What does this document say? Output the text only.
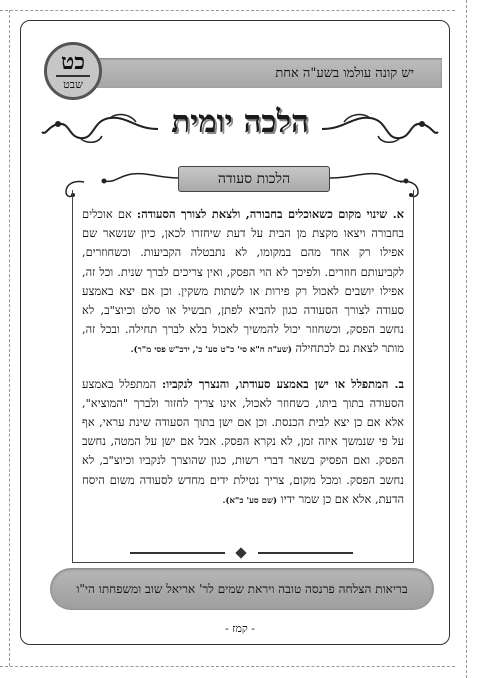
יש קונה עולמו בשע"ה אחת
כט
שבט
הלכה יומית
הלכות סעודה

א. שינוי מקום כשאוכלים בחבורה, ולצאת לצורך הסעודה: אם אוכלים בחבורה ויצאו מקצת מן הבית על דעת שיחזרו לכאן, כיון שנשאר שם אפילו רק אחד מהם במקומו, לא נתבטלה הקביעות. וכשחוזרים, לקביעותם חוזרים. ולפיכך לא הוי הפסק, ואין צריכים לברך שנית. וכל זה, אפילו יושבים לאכול רק פירות או לשתות משקין. וכן אם יצא באמצע סעודה לצורך הסעודה כגון להביא לפתן, תבשיל או סלט וכיוצ"ב, לא נחשב הפסק, וכשחוזר יכול להמשיך לאכול בלא לברך תחילה. ובכל זה, מותר לצאת גם לכתחילה (שע"ה ח"א סי' כ"ט סע' כ', ידב"ש פסי מ"ר).

ב. המתפלל או ישן באמצע סעודתו, והנצרך לנקביו: המתפלל באמצע הסעודה בתוך ביתו, כשחוזר לאכול, אינו צריך לחזור ולברך "המוציא", אלא אם כן יצא לבית הכנסת. וכן אם ישן בתוך הסעודה שינת עראי, אף על פי שנמשך איזה זמן, לא נקרא הפסק. אבל אם ישן על המטה, נחשב הפסק. ואם הפסיק בשאר דברי רשות, כגון שהוצרך לנקביו וכיוצ"ב, לא נחשב הפסק. ומכל מקום, צריך נטילת ידים מחדש לסעודה משום היסח הדעת, אלא אם כן שמר ידיו (שם סע' כ"א).

בריאות הצלחה פרנסה טובה ויראת שמים לר' אריאל שוב ומשפחתו הי"ו
- קמז -
